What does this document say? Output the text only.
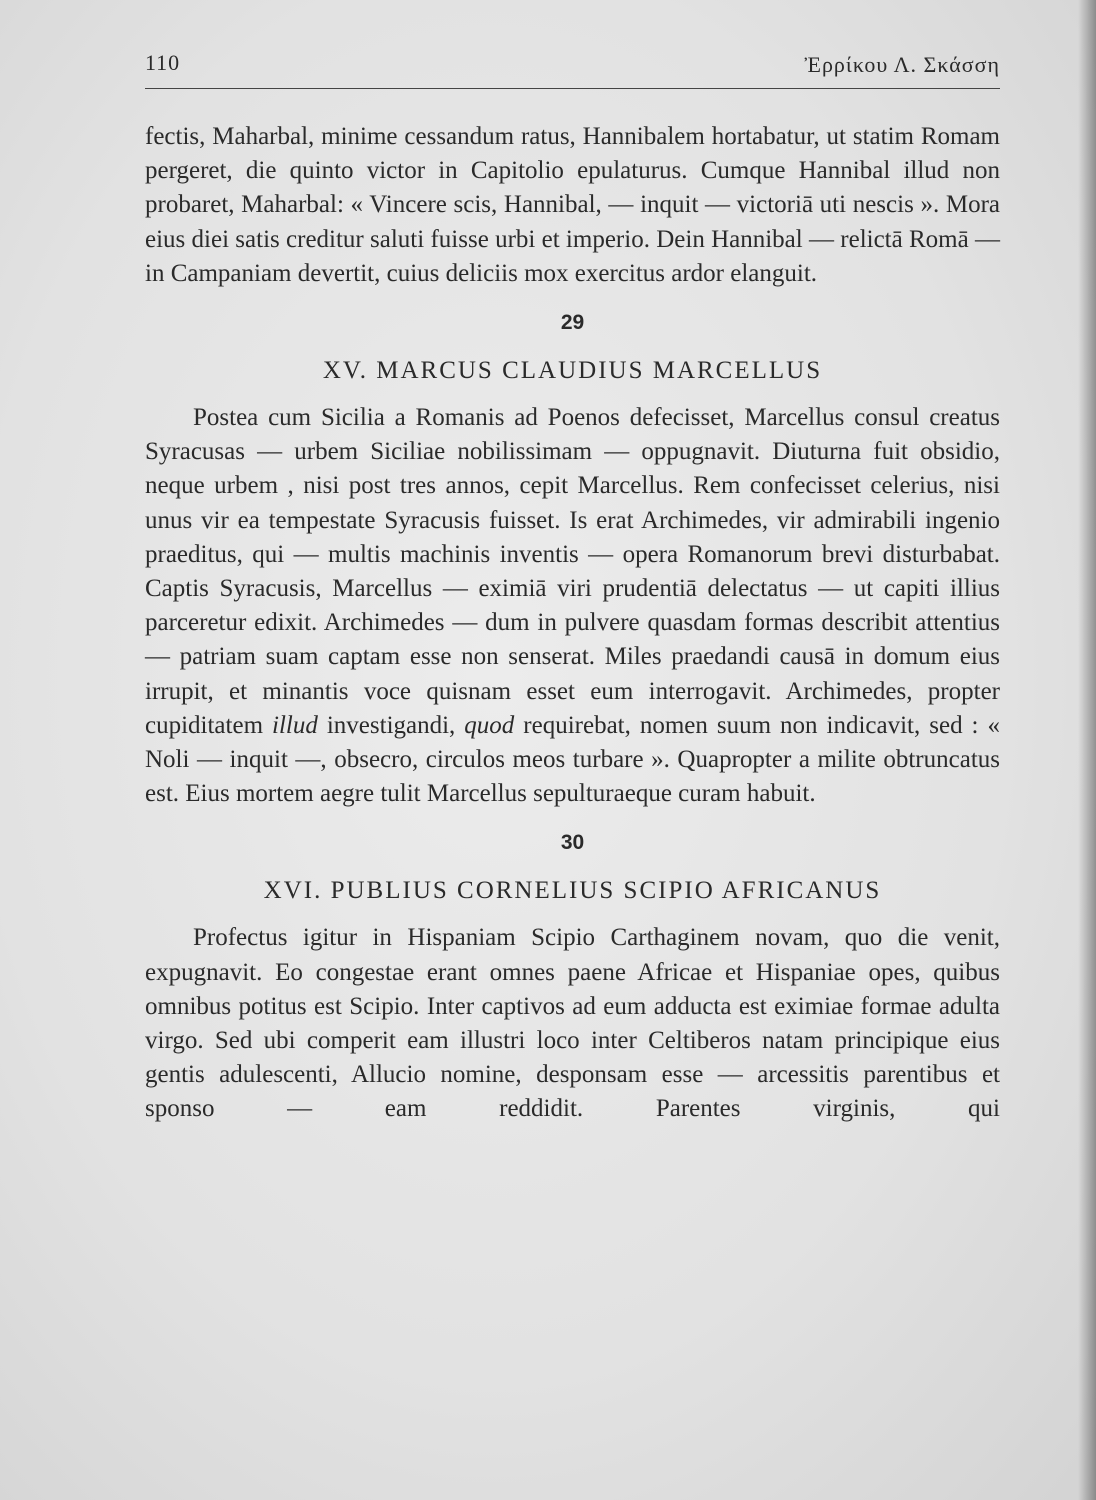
110	Ἐρρίκου Λ. Σκάσση

fectis, Maharbal, minime cessandum ratus, Hannibalem hortabatur, ut statim Romam pergeret, die quinto victor in Capitolio epulaturus. Cumque Hannibal illud non probaret, Maharbal: « Vincere scis, Hannibal, — inquit — victoriā uti nescis ». Mora eius diei satis creditur saluti fuisse urbi et imperio. Dein Hannibal — relictā Romā — in Campaniam devertit, cuius deliciis mox exercitus ardor elanguit.

29
XV. MARCUS CLAUDIUS MARCELLUS

Postea cum Sicilia a Romanis ad Poenos defecisset, Marcellus consul creatus Syracusas — urbem Siciliae nobilissimam — oppugnavit. Diuturna fuit obsidio, neque urbem , nisi post tres annos, cepit Marcellus. Rem confecisset celerius, nisi unus vir ea tempestate Syracusis fuisset. Is erat Archimedes, vir admirabili ingenio praeditus, qui — multis machinis inventis — opera Romanorum brevi disturbabat. Captis Syracusis, Marcellus — eximiā viri prudentiā delectatus — ut capiti illius parceretur edixit. Archimedes — dum in pulvere quasdam formas describit attentius — patriam suam captam esse non senserat. Miles praedandi causā in domum eius irrupit, et minantis voce quisnam esset eum interrogavit. Archimedes, propter cupiditatem illud investigandi, quod requirebat, nomen suum non indicavit, sed : « Noli — inquit —, obsecro, circulos meos turbare ». Quapropter a milite obtruncatus est. Eius mortem aegre tulit Marcellus sepulturaeque curam habuit.

30
XVI. PUBLIUS CORNELIUS SCIPIO AFRICANUS

Profectus igitur in Hispaniam Scipio Carthaginem novam, quo die venit, expugnavit. Eo congestae erant omnes paene Africae et Hispaniae opes, quibus omnibus potitus est Scipio. Inter captivos ad eum adducta est eximiae formae adulta virgo. Sed ubi comperit eam illustri loco inter Celtiberos natam principique eius gentis adulescenti, Allucio nomine, desponsam esse — arcessitis parentibus et sponso — eam reddidit. Parentes virginis, qui
